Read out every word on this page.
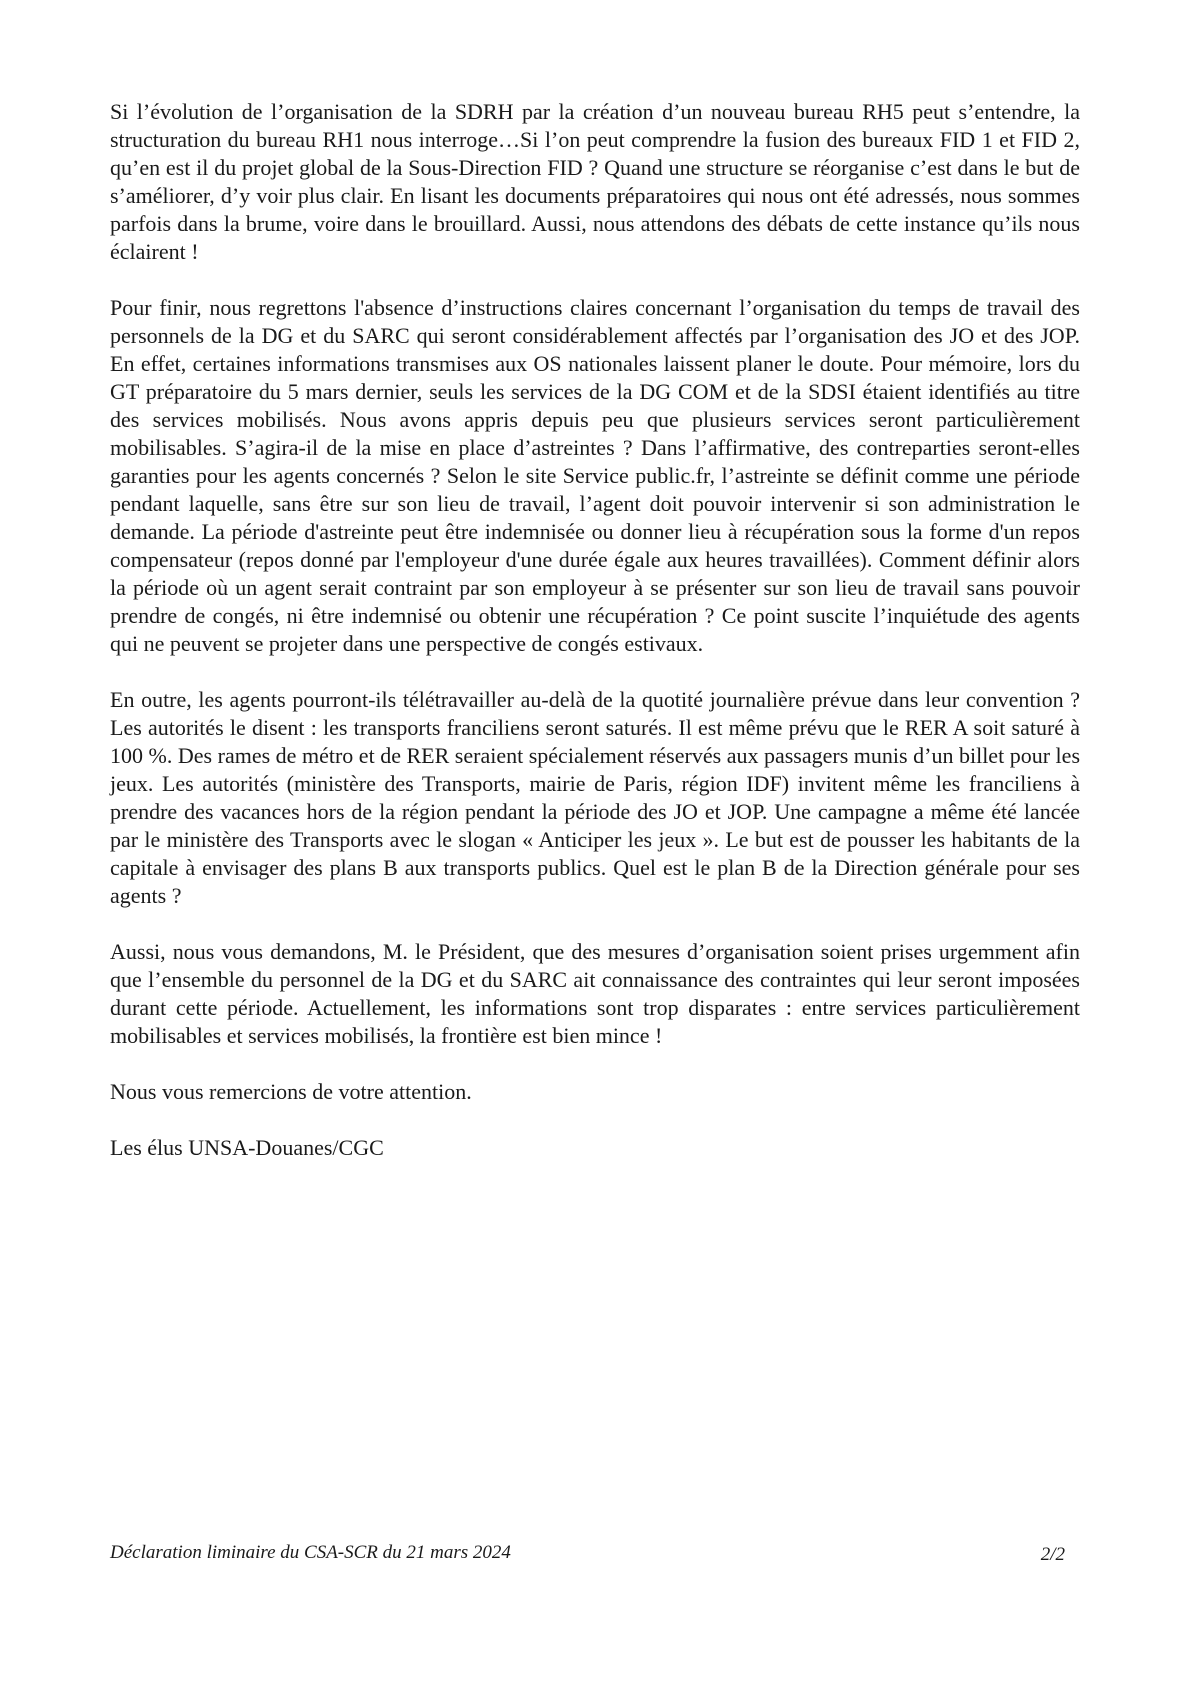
Si l’évolution de l’organisation de la SDRH par la création d’un nouveau bureau RH5 peut s’entendre, la structuration du bureau RH1 nous interroge…Si l’on peut comprendre la fusion des bureaux FID 1 et FID 2, qu’en est il du projet global de la Sous-Direction FID ? Quand une structure se réorganise c’est dans le but de s’améliorer, d’y voir plus clair. En lisant les documents préparatoires qui nous ont été adressés, nous sommes parfois dans la brume, voire dans le brouillard. Aussi, nous attendons des débats de cette instance qu’ils nous éclairent !

Pour finir, nous regrettons l'absence d’instructions claires concernant l’organisation du temps de travail des personnels de la DG et du SARC qui seront considérablement affectés par l’organisation des JO et des JOP. En effet, certaines informations transmises aux OS nationales laissent planer le doute. Pour mémoire, lors du GT préparatoire du 5 mars dernier, seuls les services de la DG COM et de la SDSI étaient identifiés au titre des services mobilisés. Nous avons appris depuis peu que plusieurs services seront particulièrement mobilisables. S’agira-il de la mise en place d’astreintes ? Dans l’affirmative, des contreparties seront-elles garanties pour les agents concernés ? Selon le site Service public.fr, l’astreinte se définit comme une période pendant laquelle, sans être sur son lieu de travail, l’agent doit pouvoir intervenir si son administration le demande. La période d'astreinte peut être indemnisée ou donner lieu à récupération sous la forme d'un repos compensateur (repos donné par l'employeur d'une durée égale aux heures travaillées). Comment définir alors la période où un agent serait contraint par son employeur à se présenter sur son lieu de travail sans pouvoir prendre de congés, ni être indemnisé ou obtenir une récupération ? Ce point suscite l’inquiétude des agents qui ne peuvent se projeter dans une perspective de congés estivaux.

En outre, les agents pourront-ils télétravailler au-delà de la quotité journalière prévue dans leur convention ? Les autorités le disent : les transports franciliens seront saturés. Il est même prévu que le RER A soit saturé à 100 %. Des rames de métro et de RER seraient spécialement réservés aux passagers munis d’un billet pour les jeux. Les autorités (ministère des Transports, mairie de Paris, région IDF) invitent même les franciliens à prendre des vacances hors de la région pendant la période des JO et JOP. Une campagne a même été lancée par le ministère des Transports avec le slogan « Anticiper les jeux ». Le but est de pousser les habitants de la capitale à envisager des plans B aux transports publics. Quel est le plan B de la Direction générale pour ses agents ?

Aussi, nous vous demandons, M. le Président, que des mesures d’organisation soient prises urgemment afin que l’ensemble du personnel de la DG et du SARC ait connaissance des contraintes qui leur seront imposées durant cette période. Actuellement, les informations sont trop disparates : entre services particulièrement mobilisables et services mobilisés, la frontière est bien mince !

Nous vous remercions de votre attention.

Les élus UNSA-Douanes/CGC

Déclaration liminaire du CSA-SCR du 21 mars 2024	2/2
